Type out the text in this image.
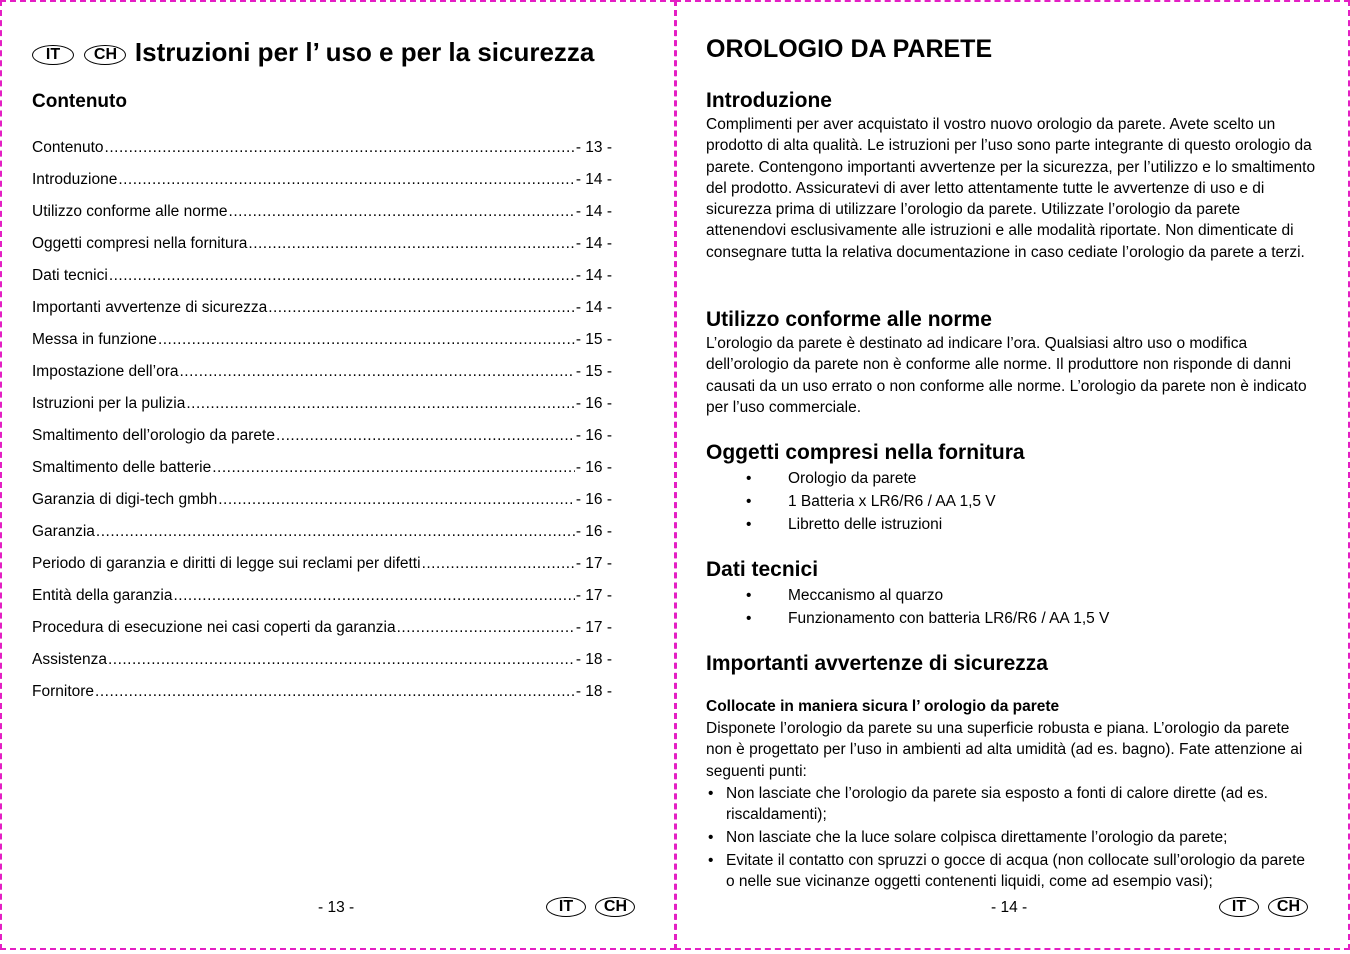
IT CH Istruzioni per l’ uso e per la sicurezza
Contenuto
Contenuto .....	- 13 -
Introduzione .....	- 14 -
Utilizzo conforme alle norme .....	- 14 -
Oggetti compresi nella fornitura .....	- 14 -
Dati tecnici .....	- 14 -
Importanti avvertenze di sicurezza .....	- 14 -
Messa in funzione .....	- 15 -
Impostazione dell’ora .....	- 15 -
Istruzioni per la pulizia .....	- 16 -
Smaltimento dell’orologio da parete .....	- 16 -
Smaltimento delle batterie .....	- 16 -
Garanzia di digi-tech gmbh .....	- 16 -
Garanzia .....	- 16 -
Periodo di garanzia e diritti di legge sui reclami per difetti .....	- 17 -
Entità della garanzia .....	- 17 -
Procedura di esecuzione nei casi coperti da garanzia .....	- 17 -
Assistenza .....	- 18 -
Fornitore .....	- 18 -
- 13 -	IT CH
OROLOGIO DA PARETE
Introduzione
Complimenti per aver acquistato il vostro nuovo orologio da parete. Avete scelto un prodotto di alta qualità. Le istruzioni per l’uso sono parte integrante di questo orologio da parete. Contengono importanti avvertenze per la sicurezza, per l’utilizzo e lo smaltimento del prodotto. Assicuratevi di aver letto attentamente tutte le avvertenze di uso e di sicurezza prima di utilizzare l’orologio da parete. Utilizzate l’orologio da parete attenendovi esclusivamente alle istruzioni e alle modalità riportate. Non dimenticate di consegnare tutta la relativa documentazione in caso cediate l’orologio da parete a terzi.
Utilizzo conforme alle norme
L’orologio da parete è destinato ad indicare l’ora. Qualsiasi altro uso o modifica dell’orologio da parete non è conforme alle norme. Il produttore non risponde di danni causati da un uso errato o non conforme alle norme. L’orologio da parete non è indicato per l’uso commerciale.
Oggetti compresi nella fornitura
• Orologio da parete
• 1 Batteria x LR6/R6 / AA 1,5 V
• Libretto delle istruzioni
Dati tecnici
• Meccanismo al quarzo
• Funzionamento con batteria LR6/R6 / AA 1,5 V
Importanti avvertenze di sicurezza
Collocate in maniera sicura l’ orologio da parete
Disponete l’orologio da parete su una superficie robusta e piana. L’orologio da parete non è progettato per l’uso in ambienti ad alta umidità (ad es. bagno). Fate attenzione ai seguenti punti:
• Non lasciate che l’orologio da parete sia esposto a fonti di calore dirette (ad es. riscaldamenti);
• Non lasciate che la luce solare colpisca direttamente l’orologio da parete;
• Evitate il contatto con spruzzi o gocce di acqua (non collocate sull’orologio da parete o nelle sue vicinanze oggetti contenenti liquidi, come ad esempio vasi);
- 14 -	IT CH
